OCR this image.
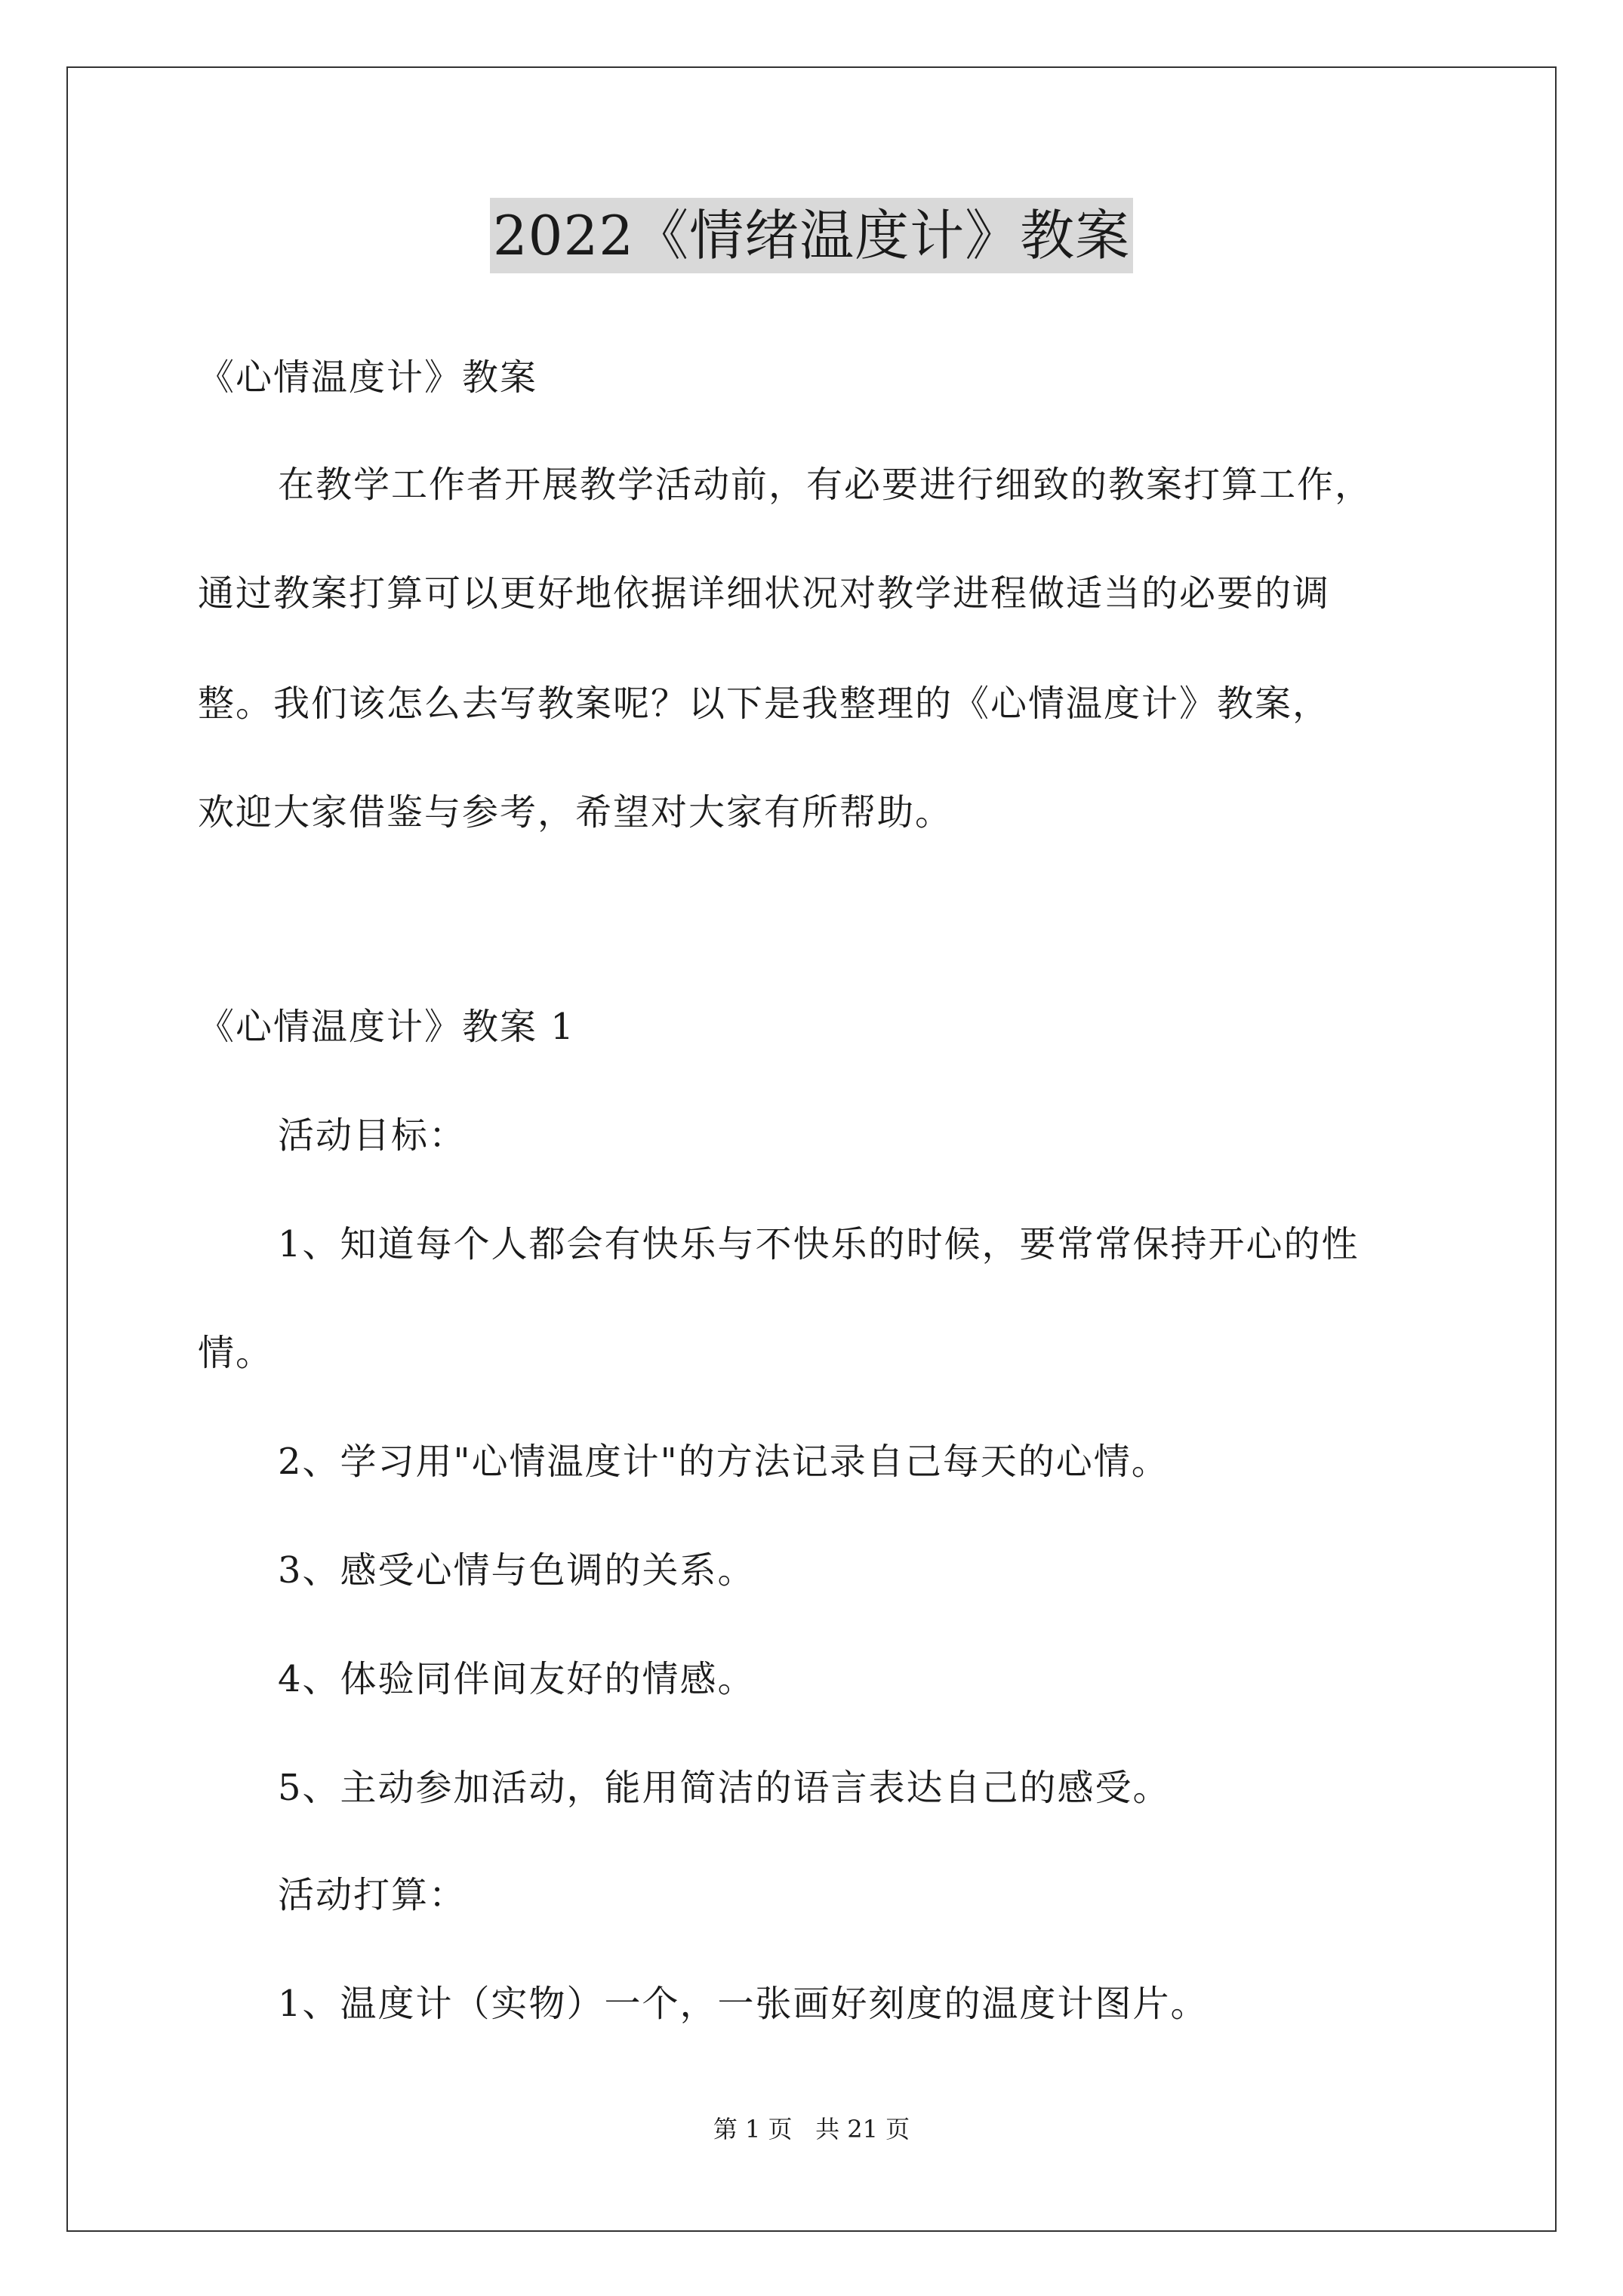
2022《情绪温度计》教案
《心情温度计》教案
在教学工作者开展教学活动前，有必要进行细致的教案打算工作，
通过教案打算可以更好地依据详细状况对教学进程做适当的必要的调
整。我们该怎么去写教案呢？以下是我整理的《心情温度计》教案，
欢迎大家借鉴与参考，希望对大家有所帮助。
《心情温度计》教案 1
活动目标：
1、知道每个人都会有快乐与不快乐的时候，要常常保持开心的性
情。
2、学习用"心情温度计"的方法记录自己每天的心情。
3、感受心情与色调的关系。
4、体验同伴间友好的情感。
5、主动参加活动，能用简洁的语言表达自己的感受。
活动打算：
1、温度计（实物）一个，一张画好刻度的温度计图片。
第 1 页   共 21 页
